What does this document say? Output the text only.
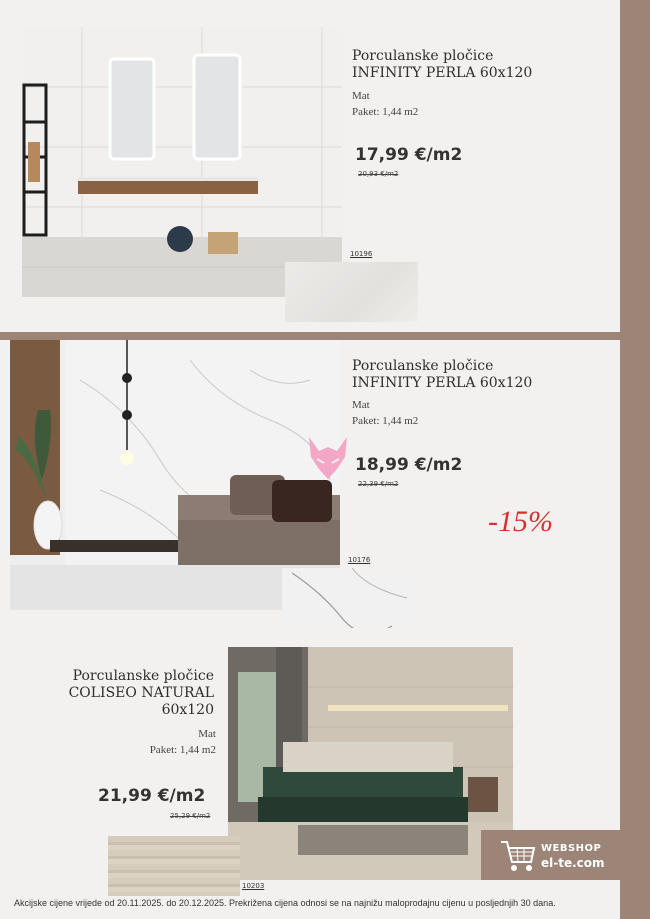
10196
Porculanske pločice
INFINITY PERLA 60x120
Mat
Paket: 1,44 m2
17,99 €/m2
20,93 €/m2
10176
Porculanske pločice
INFINITY PERLA 60x120
Mat
Paket: 1,44 m2
18,99 €/m2
22,39 €/m2
-15%
10203
Porculanske pločice
COLISEO NATURAL
60x120
Mat
Paket: 1,44 m2
21,99 €/m2
25,29 €/m2
WEBSHOP
el-te.com
Akcijske cijene vrijede od 20.11.2025. do 20.12.2025. Prekrižena cijena odnosi se na najnižu maloprodajnu cijenu u posljednjih 30 dana.
